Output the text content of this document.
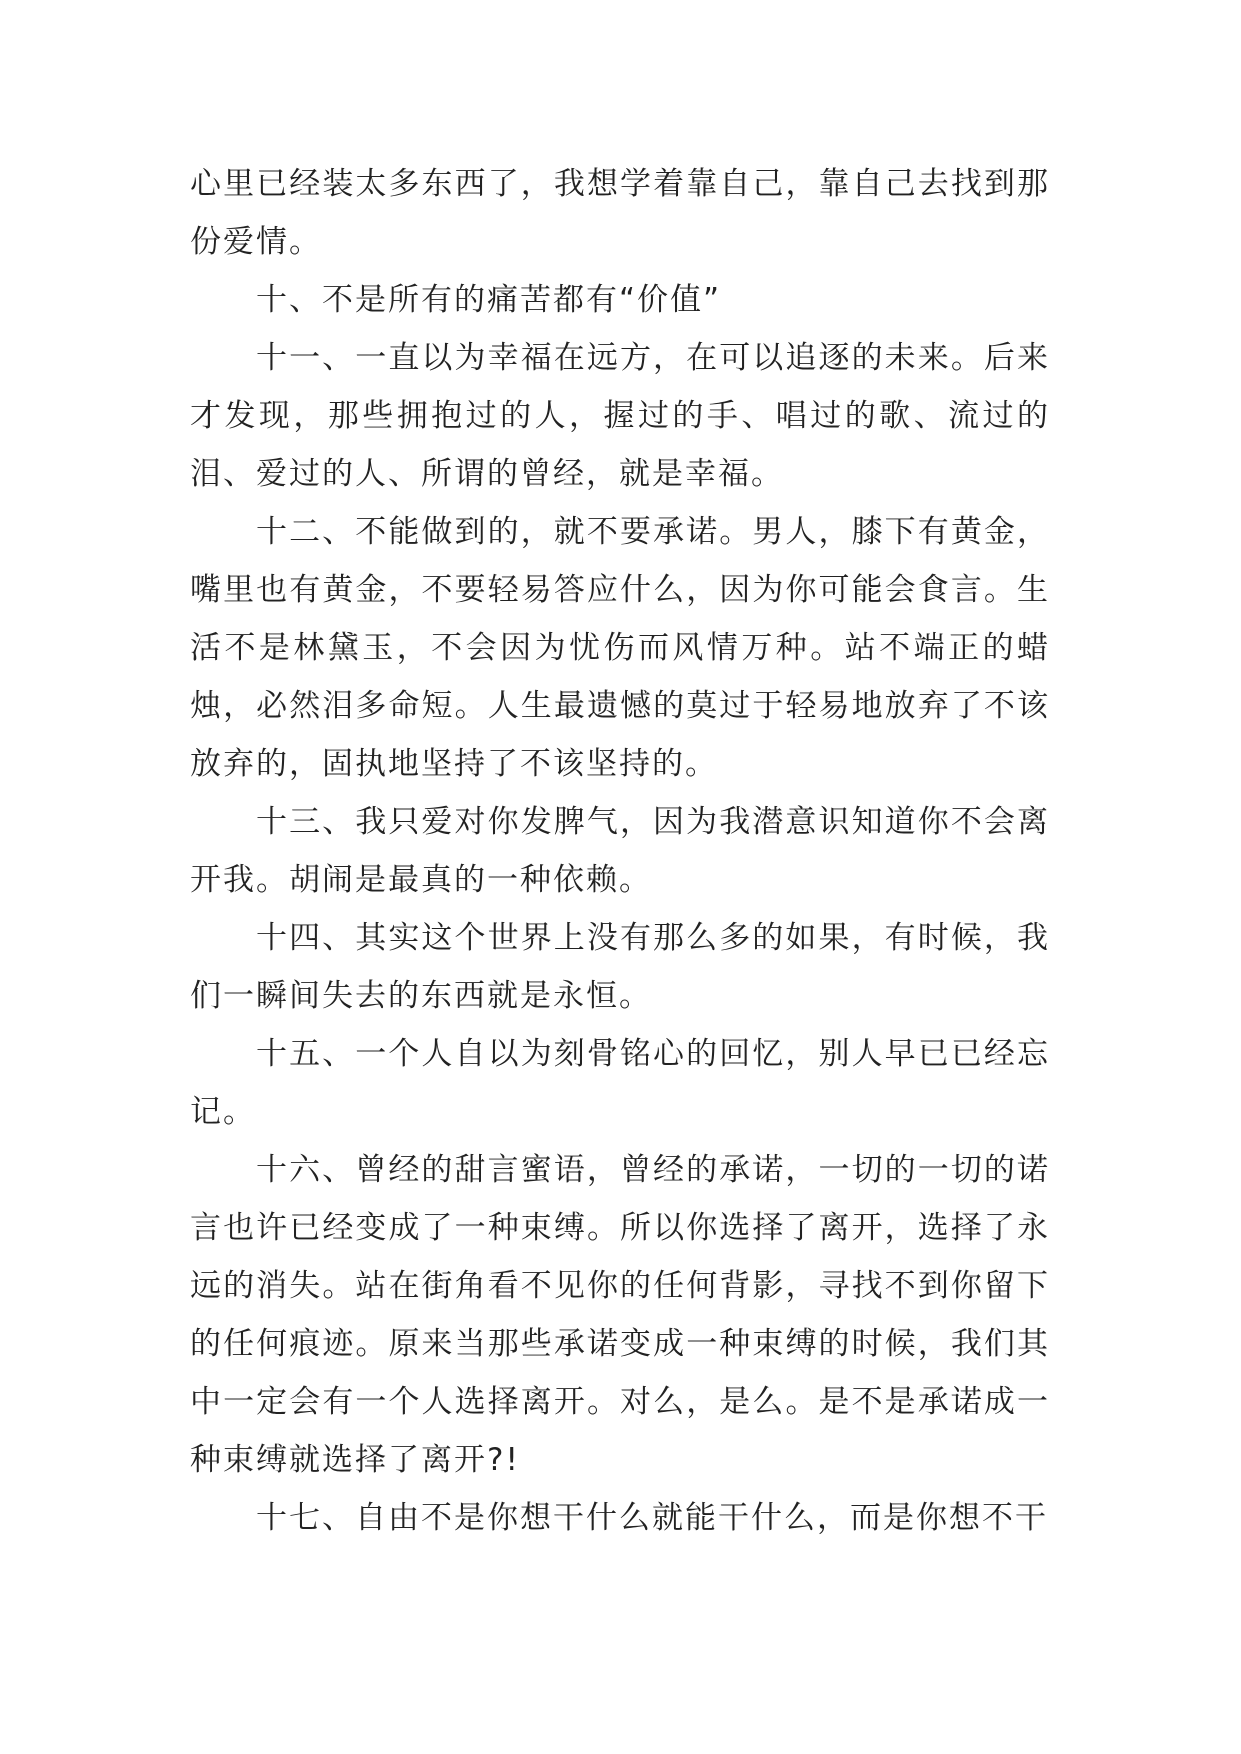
心里已经装太多东西了，我想学着靠自己，靠自己去找到那份爱情。

十、不是所有的痛苦都有“价值”

十一、一直以为幸福在远方，在可以追逐的未来。后来才发现，那些拥抱过的人，握过的手、唱过的歌、流过的泪、爱过的人、所谓的曾经，就是幸福。

十二、不能做到的，就不要承诺。男人，膝下有黄金，嘴里也有黄金，不要轻易答应什么，因为你可能会食言。生活不是林黛玉，不会因为忧伤而风情万种。站不端正的蜡烛，必然泪多命短。人生最遗憾的莫过于轻易地放弃了不该放弃的，固执地坚持了不该坚持的。

十三、我只爱对你发脾气，因为我潜意识知道你不会离开我。胡闹是最真的一种依赖。

十四、其实这个世界上没有那么多的如果，有时候，我们一瞬间失去的东西就是永恒。

十五、一个人自以为刻骨铭心的回忆，别人早已已经忘记。

十六、曾经的甜言蜜语，曾经的承诺，一切的一切的诺言也许已经变成了一种束缚。所以你选择了离开，选择了永远的消失。站在街角看不见你的任何背影，寻找不到你留下的任何痕迹。原来当那些承诺变成一种束缚的时候，我们其中一定会有一个人选择离开。对么，是么。是不是承诺成一种束缚就选择了离开?!

十七、自由不是你想干什么就能干什么，而是你想不干
